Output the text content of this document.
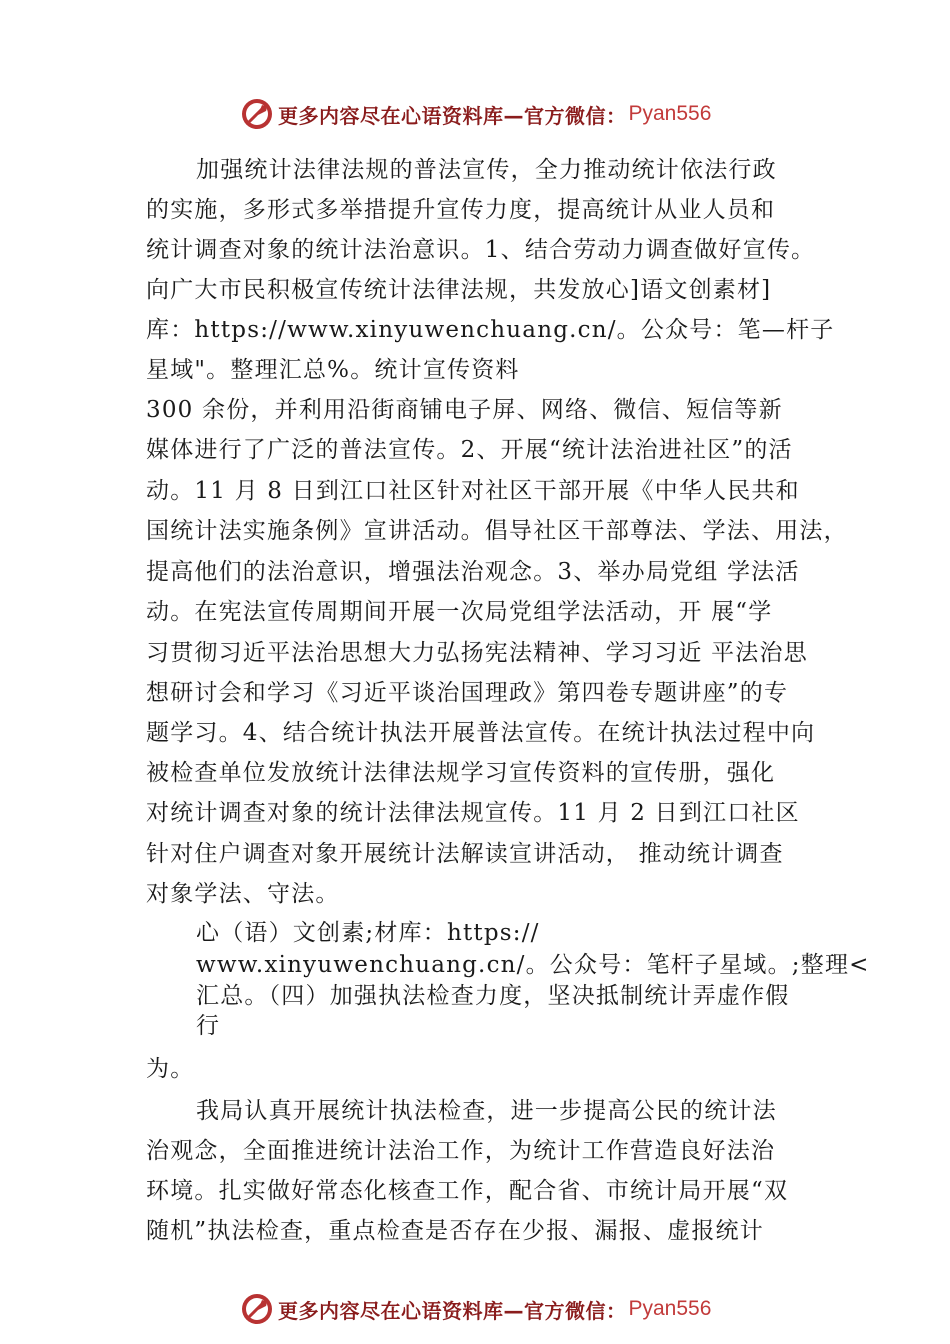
更多内容尽在心语资料库—官方微信： Pyan556
加强统计法律法规的普法宣传，全力推动统计依法行政
的实施，多形式多举措提升宣传力度，提高统计从业人员和
统计调查对象的统计法治意识。1、结合劳动力调查做好宣传。
向广大市民积极宣传统计法律法规，共发放心]语文创素材]
库：https://www.xinyuwenchuang.cn/。公众号：笔—杆子
星域"。整理汇总%。统计宣传资料
300 余份，并利用沿街商铺电子屏、网络、微信、短信等新
媒体进行了广泛的普法宣传。2、开展“统计法治进社区”的活
动。11 月 8 日到江口社区针对社区干部开展《中华人民共和
国统计法实施条例》宣讲活动。倡导社区干部尊法、学法、用法，
提高他们的法治意识，增强法治观念。3、举办局党组 学法活
动。在宪法宣传周期间开展一次局党组学法活动，开 展“学
习贯彻习近平法治思想大力弘扬宪法精神、学习习近 平法治思
想研讨会和学习《习近平谈治国理政》第四卷专题讲座”的专
题学习。4、结合统计执法开展普法宣传。在统计执法过程中向
被检查单位发放统计法律法规学习宣传资料的宣传册，强化
对统计调查对象的统计法律法规宣传。11 月 2 日到江口社区
针对住户调查对象开展统计法解读宣讲活动， 推动统计调查
对象学法、守法。
心（语）文创素;材库：https://
www.xinyuwenchuang.cn/。公众号：笔杆子星域。;整理<
汇总。（四）加强执法检查力度，坚决抵制统计弄虚作假
行
为。
我局认真开展统计执法检查，进一步提高公民的统计法
治观念，全面推进统计法治工作，为统计工作营造良好法治
环境。扎实做好常态化核查工作，配合省、市统计局开展“双
随机”执法检查，重点检查是否存在少报、漏报、虚报统计
更多内容尽在心语资料库—官方微信： Pyan556
